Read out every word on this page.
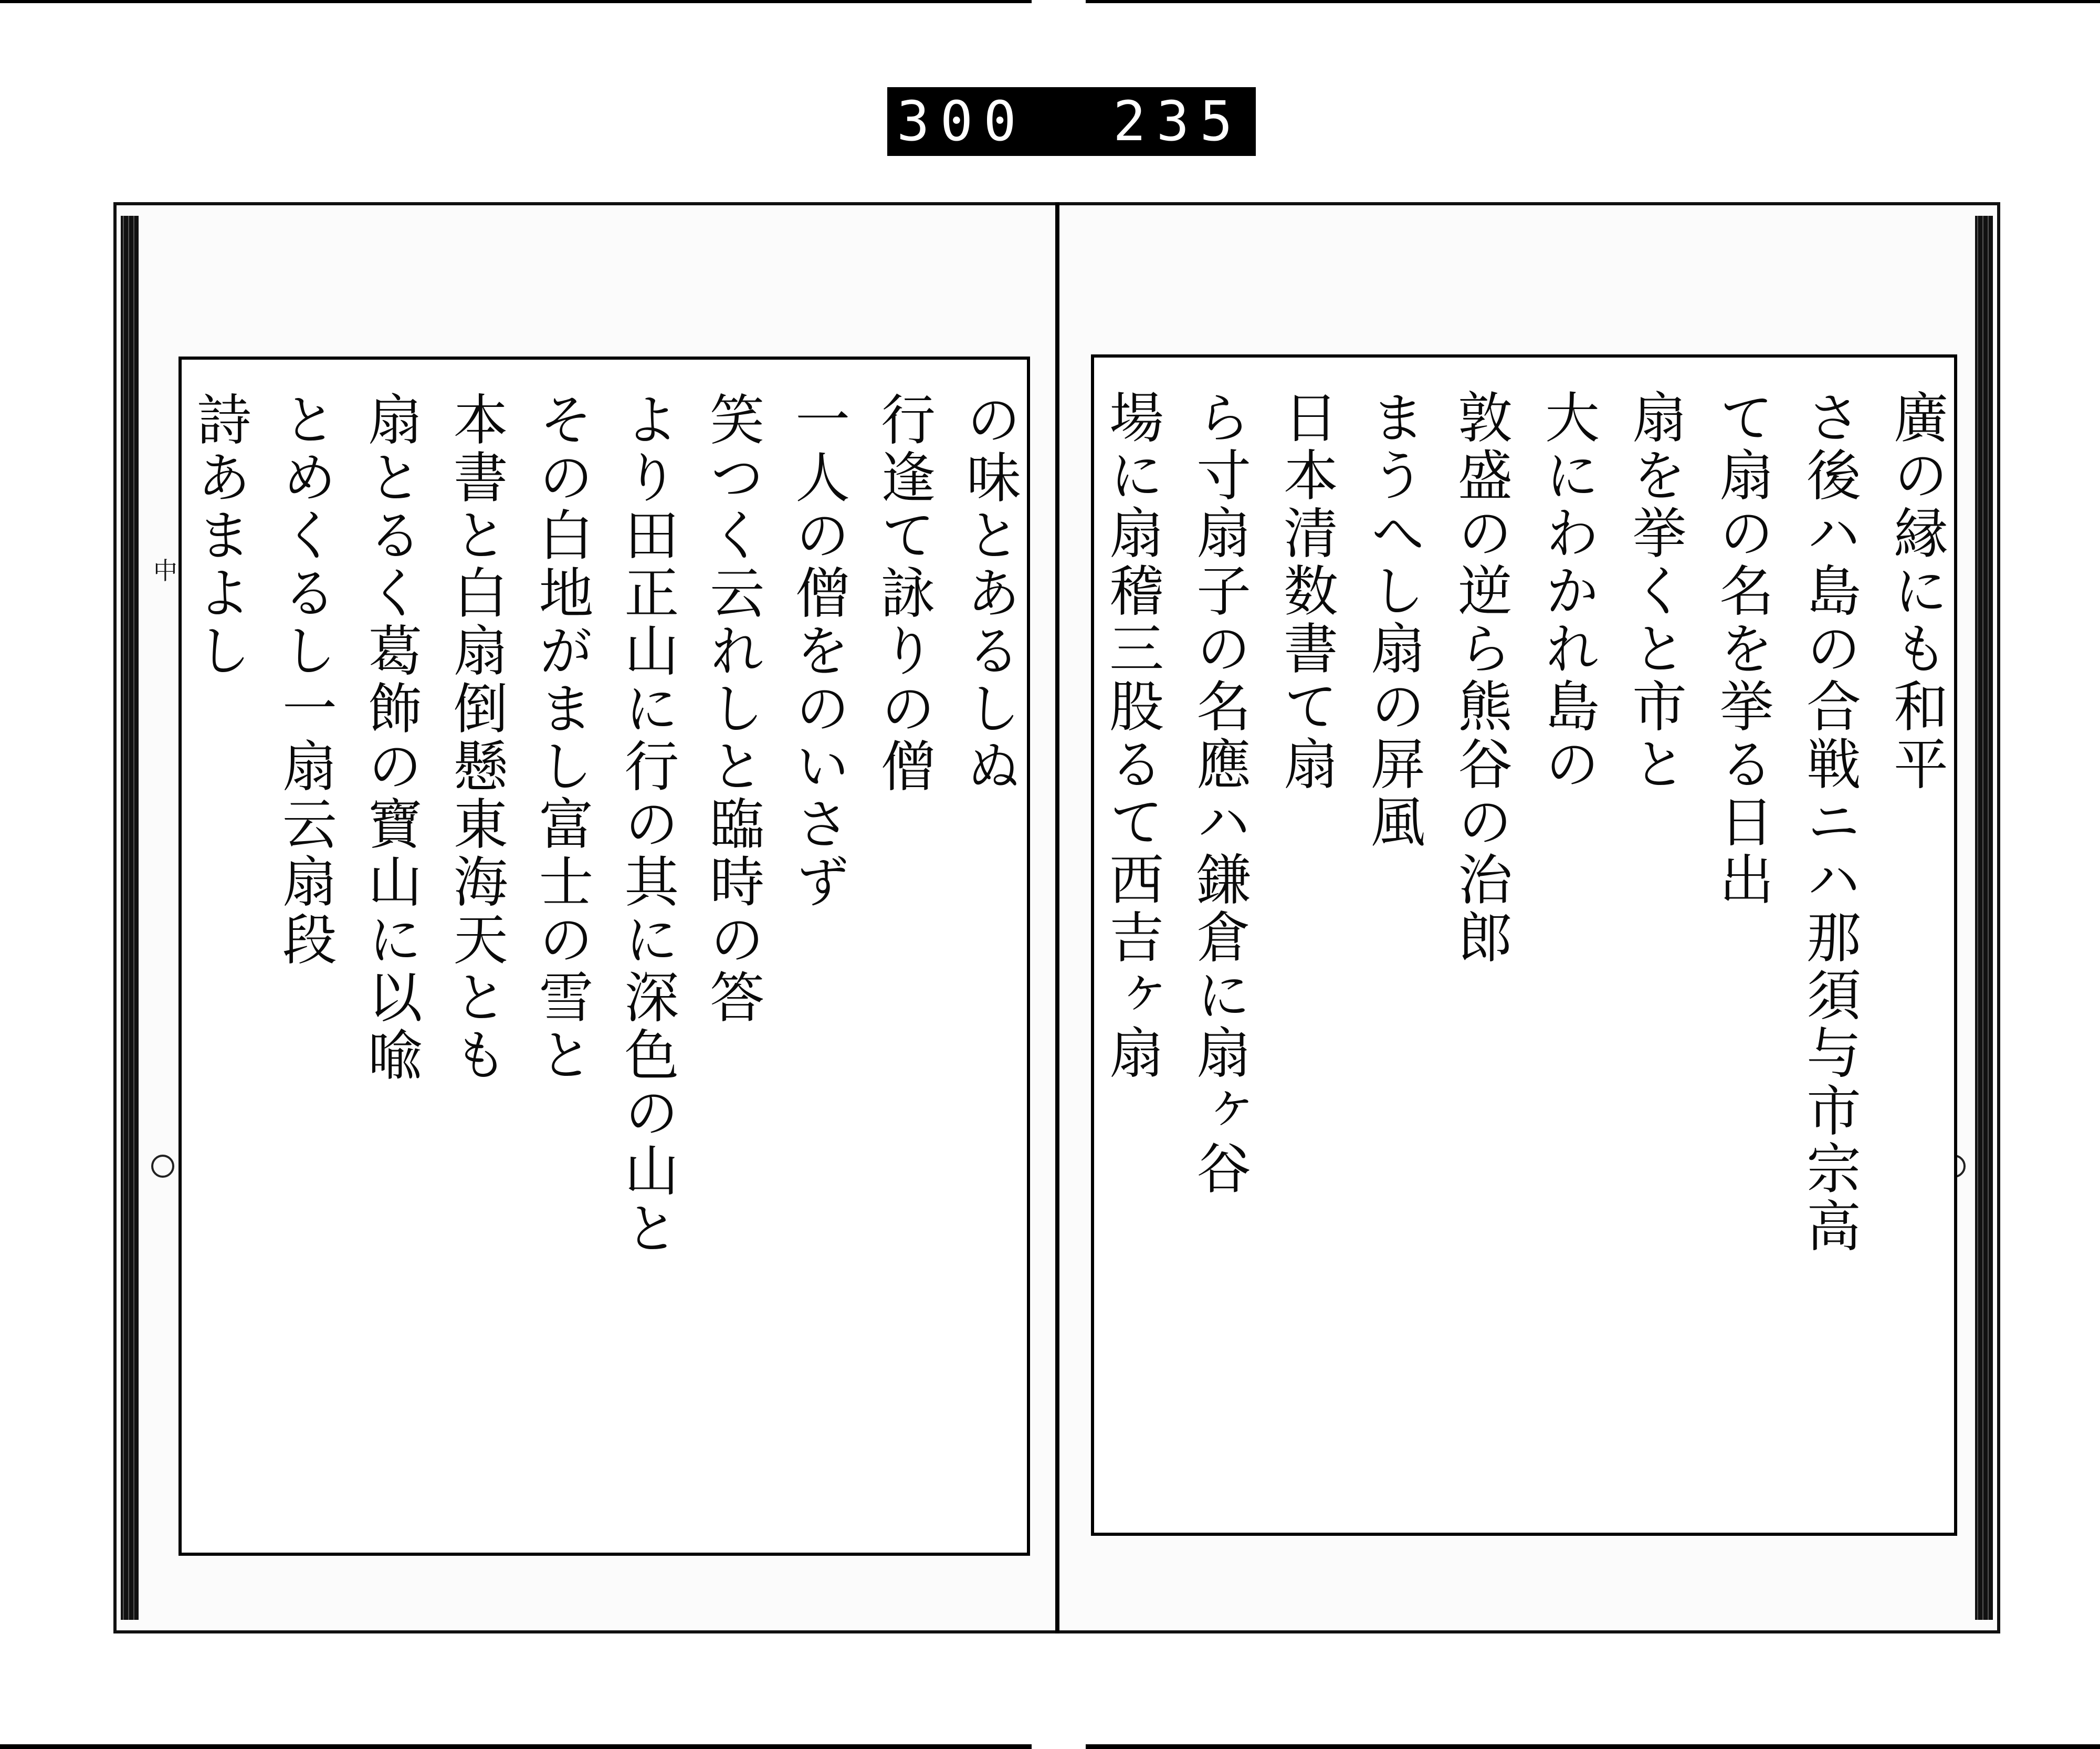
300 235.
中	の味とあるしぬ
行逢て詠りの僧
一人の僧をのいさず
笑つく云れしと臨時の答
より田正山に行の其に深色の山と
その白地がまし富士の雪と
本書と白扇倒懸東海天とも
扇とるく葛飾の寶山に以喩
とめくるし一扇云扇段
詩あまよし	廣の縁にも和平
さ後ハ島の合戦ニハ那須与市宗高
て扇の名を挙る日出
扇を挙くと市と
大にわかれ島の
敦盛の逆ら熊谷の治郎
まうへし扇の屏風
日本清数書て扇
ら寸扇子の名應ハ鎌倉に扇ヶ谷
場に扇稽三股るて西吉ヶ扇
